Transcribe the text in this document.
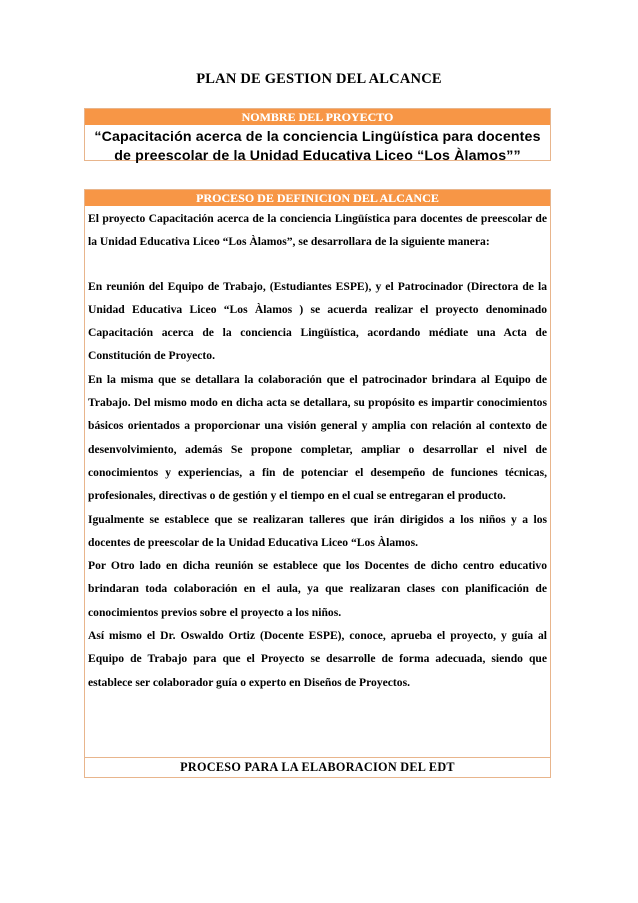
PLAN DE GESTION DEL ALCANCE
NOMBRE DEL PROYECTO
“Capacitación acerca de la conciencia Lingüística para docentes de preescolar de la Unidad Educativa Liceo “Los Àlamos””
PROCESO DE DEFINICION DEL ALCANCE

El proyecto Capacitación acerca de la conciencia Lingüística para docentes de preescolar de la Unidad Educativa Liceo “Los Àlamos”, se desarrollara de la siguiente manera:

En reunión del Equipo de Trabajo, (Estudiantes ESPE), y el Patrocinador (Directora de la Unidad Educativa Liceo “Los Àlamos ) se acuerda realizar el proyecto denominado Capacitación acerca de la conciencia Lingüística, acordando médiate una Acta de Constitución de Proyecto.

En la misma que se detallara la colaboración que el patrocinador brindara al Equipo de Trabajo. Del mismo modo en dicha acta se detallara, su propósito es impartir conocimientos básicos orientados a proporcionar una visión general y amplia con relación al contexto de desenvolvimiento, además Se propone completar, ampliar o desarrollar el nivel de conocimientos y experiencias, a fin de potenciar el desempeño de funciones técnicas, profesionales, directivas o de gestión y el tiempo en el cual se entregaran el producto.

Igualmente se establece que se realizaran talleres que irán dirigidos a los niños y a los docentes de preescolar de la Unidad Educativa Liceo “Los Àlamos.

Por Otro lado en dicha reunión se establece que los Docentes de dicho centro educativo brindaran toda colaboración en el aula, ya que realizaran clases con planificación de conocimientos previos sobre el proyecto a los niños.

Así mismo el Dr. Oswaldo Ortiz (Docente ESPE), conoce, aprueba el proyecto, y guía al Equipo de Trabajo para que el Proyecto se desarrolle de forma adecuada, siendo que establece ser colaborador guía o experto en Diseños de Proyectos.

PROCESO PARA LA ELABORACION DEL EDT
